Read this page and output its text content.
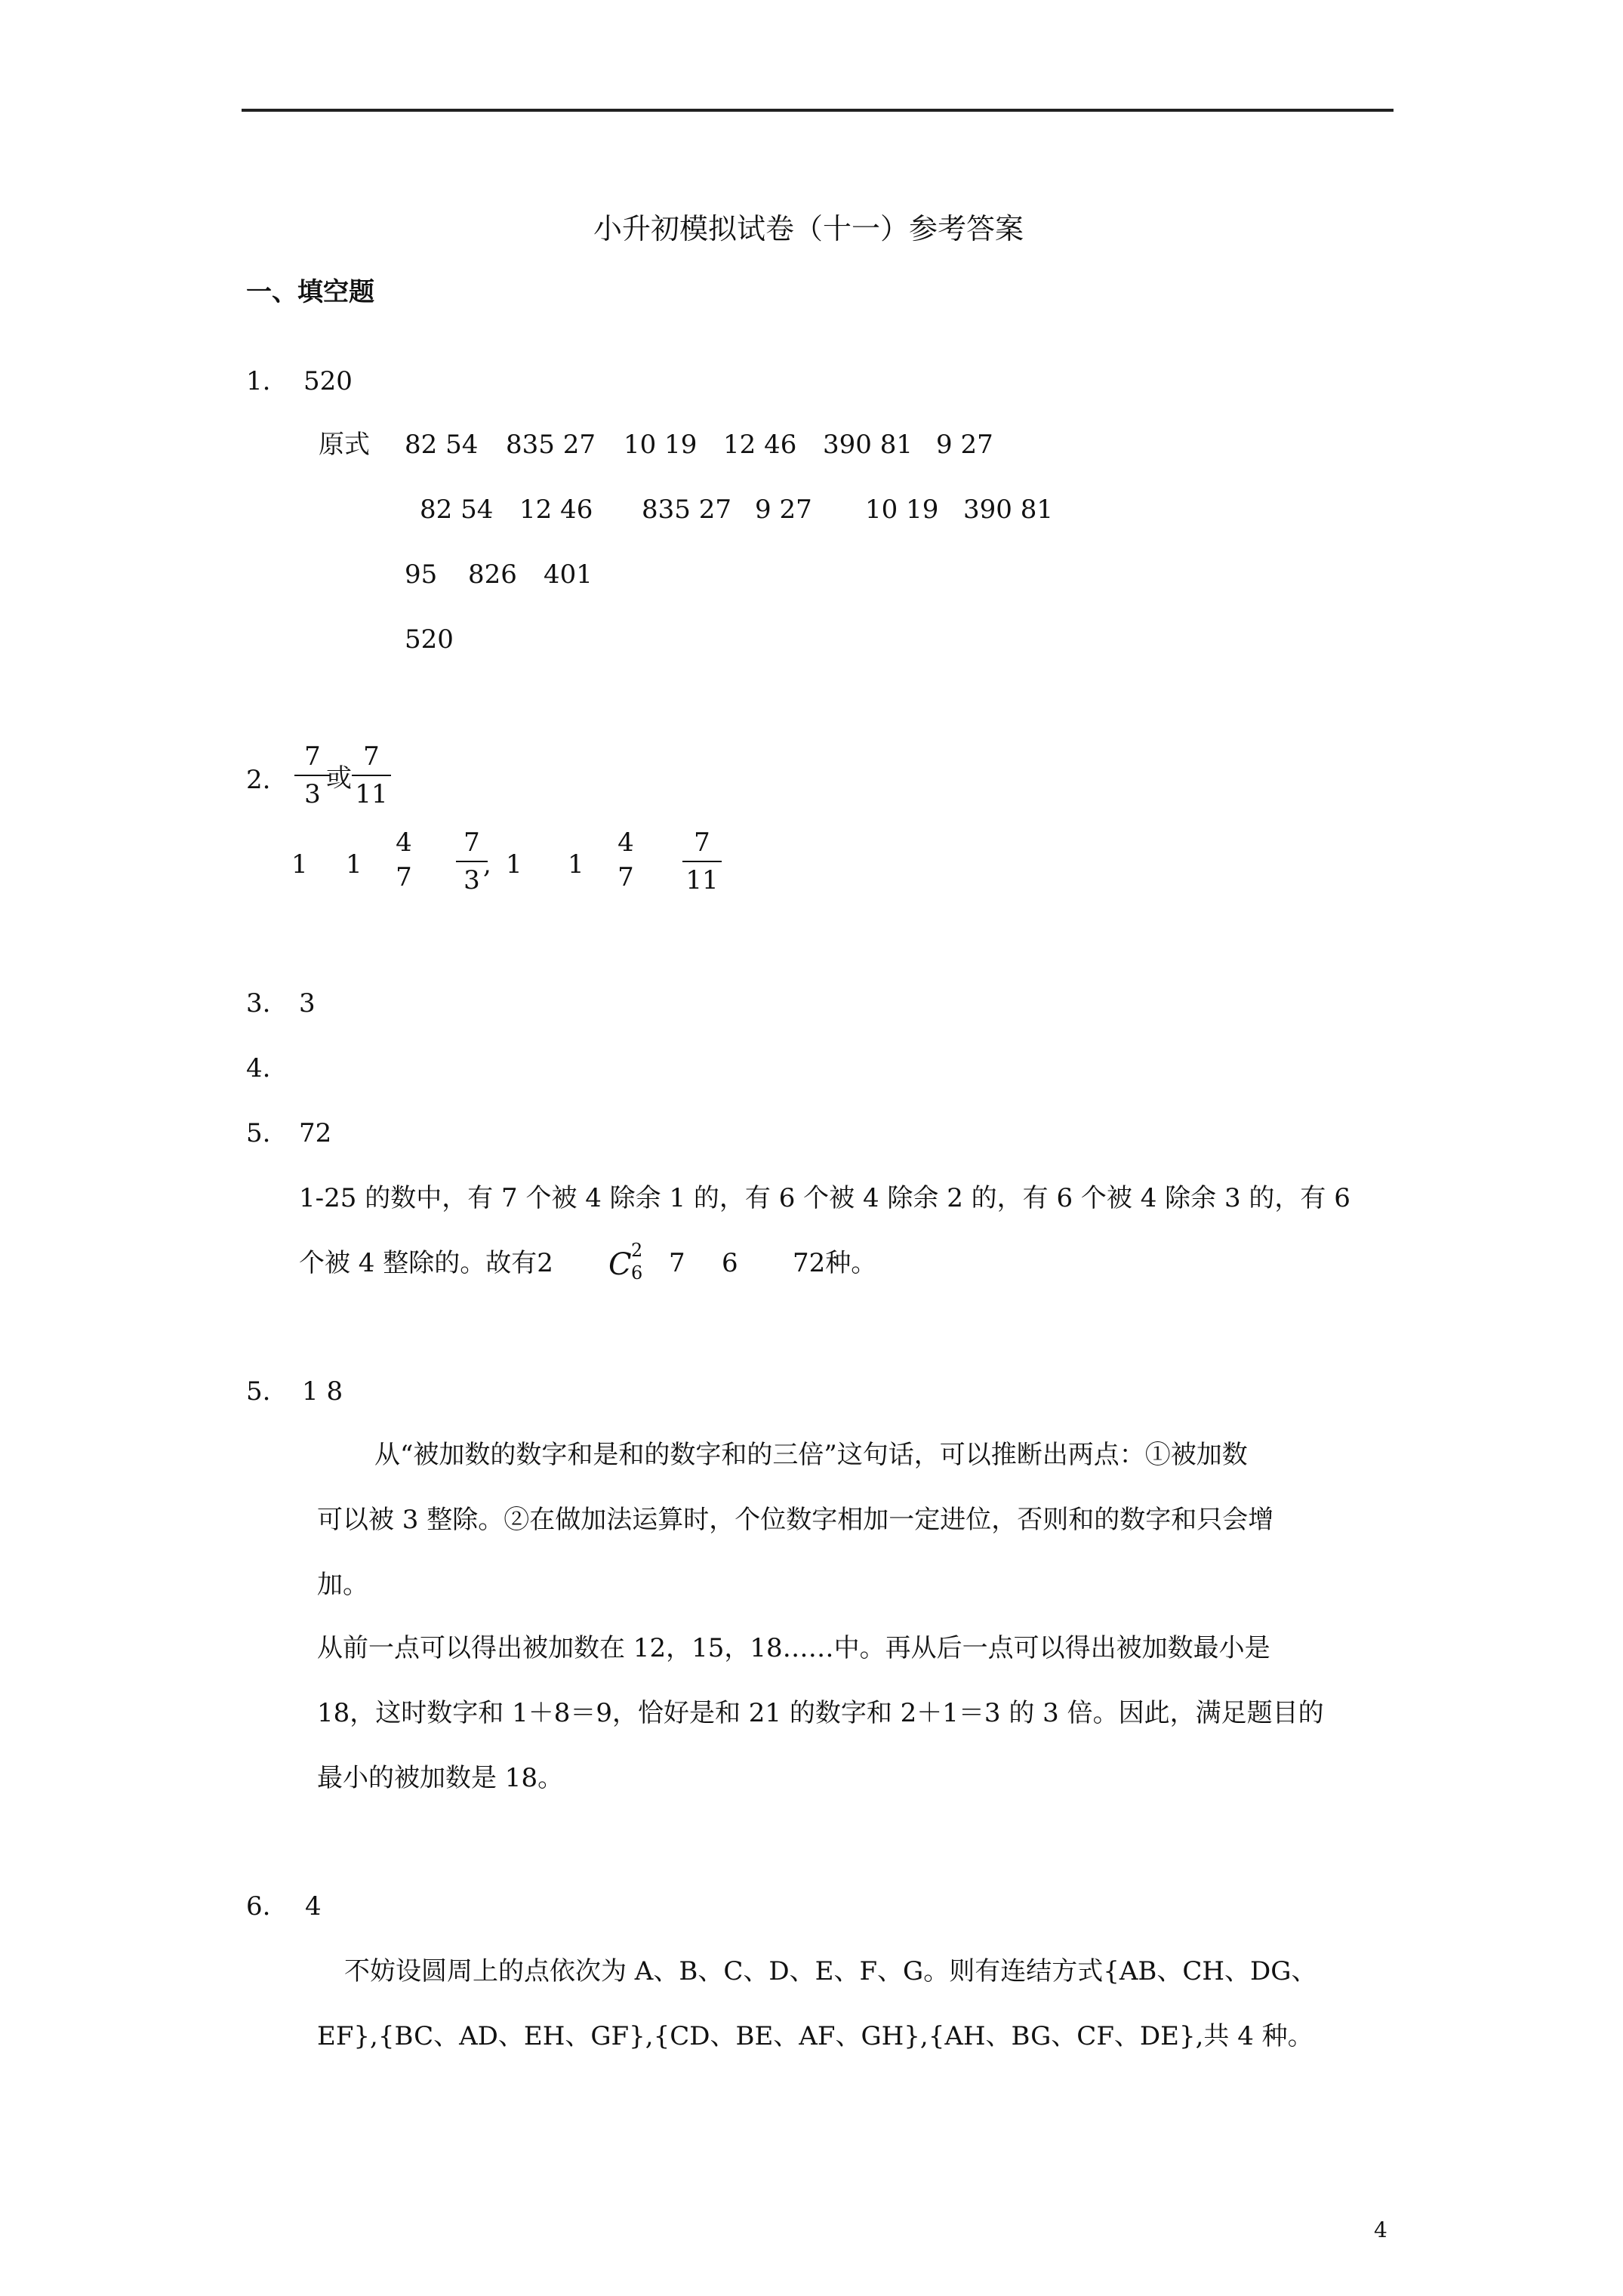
小升初模拟试卷（十一）参考答案
一、填空题
1. 520
原式 82 54 835 27 10 19 12 46 390 81 9 27
82 54 12 46 835 27 9 27 10 19 390 81
95 826 401
520
2.
7
3
或
7
11
1 1
4
7
7
3
, 1 1
4
7
7
11
3. 3
4.
5. 72
1-25 的数中，有 7 个被 4 除余 1 的，有 6 个被 4 除余 2 的，有 6 个被 4 除余 3 的，有 6
个被 4 整除的。故有2 C 2
6 7 6 72种。
5. 1 8
从“被加数的数字和是和的数字和的三倍”这句话，可以推断出两点：①被加数
可以被 3 整除。②在做加法运算时，个位数字相加一定进位，否则和的数字和只会增
加。
从前一点可以得出被加数在 12，15，18……中。再从后一点可以得出被加数最小是
18，这时数字和 1＋8＝9，恰好是和 21 的数字和 2＋1＝3 的 3 倍。因此，满足题目的
最小的被加数是 18。
6. 4
不妨设圆周上的点依次为 A、B、C、D、E、F、G。则有连结方式{AB、CH、DG、
EF},{BC、AD、EH、GF},{CD、BE、AF、GH},{AH、BG、CF、DE},共 4 种。
4
